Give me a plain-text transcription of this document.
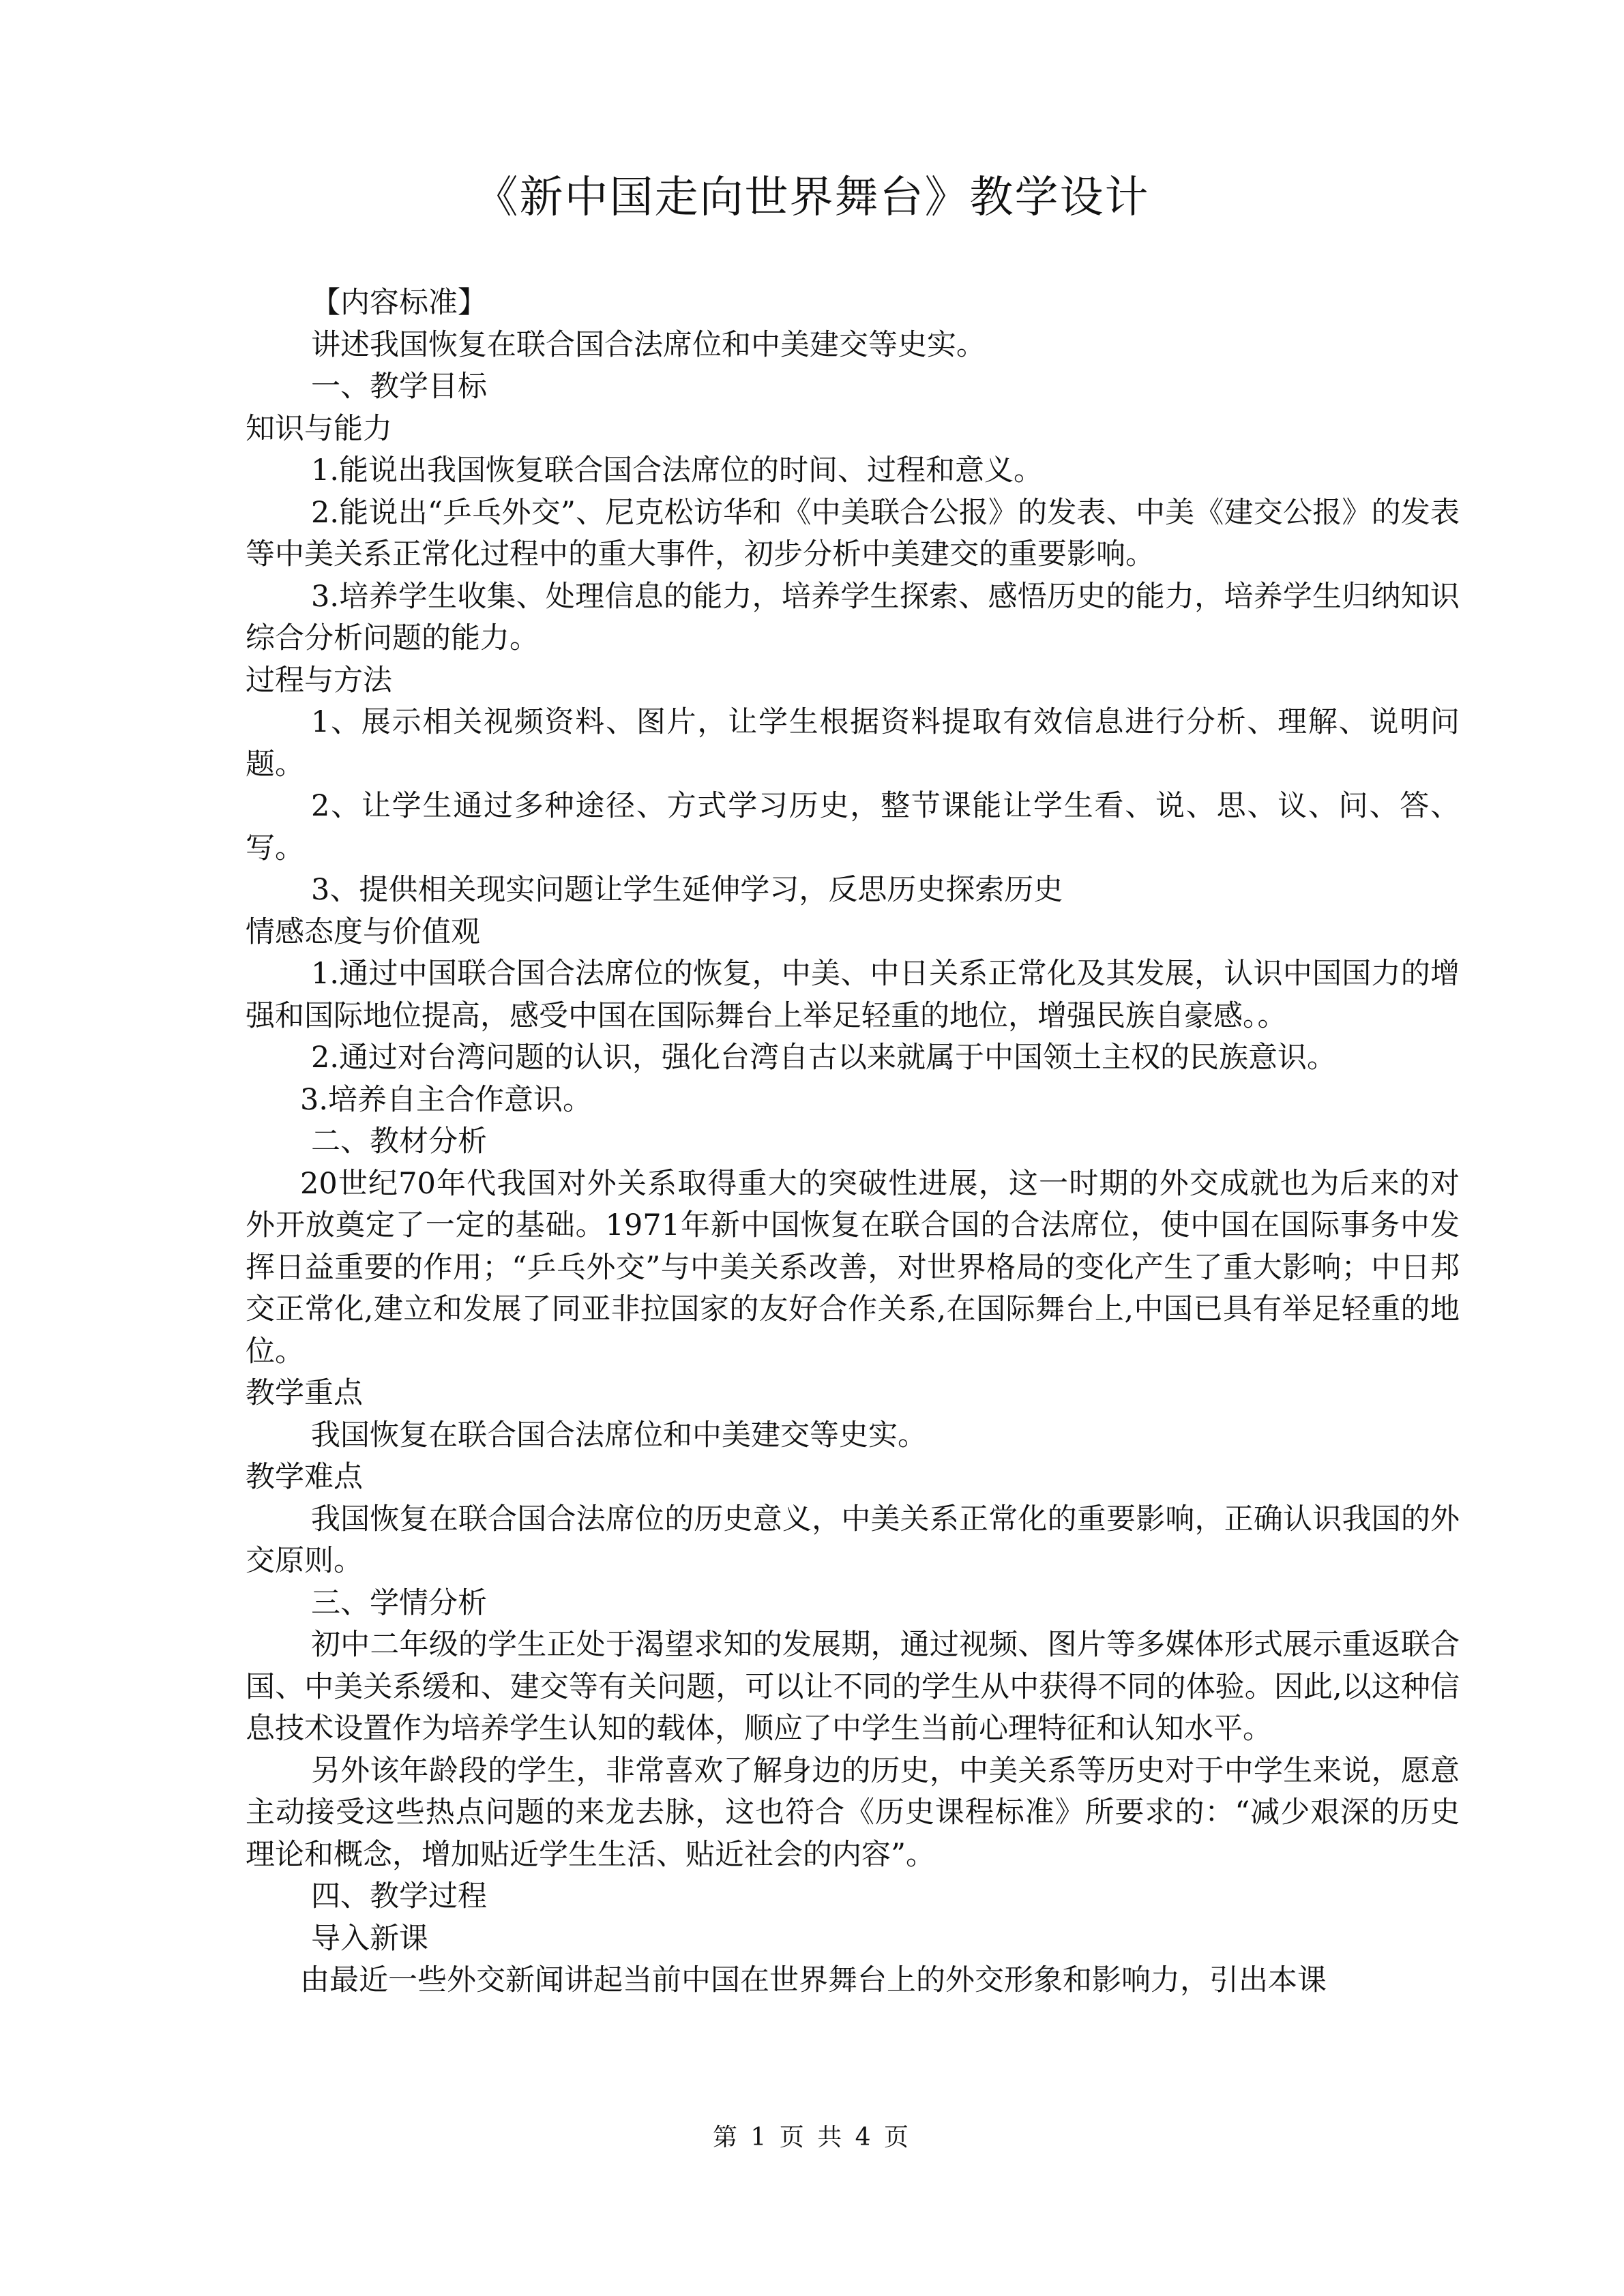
《新中国走向世界舞台》教学设计

【内容标准】

讲述我国恢复在联合国合法席位和中美建交等史实。

一、教学目标

知识与能力

1.能说出我国恢复联合国合法席位的时间、过程和意义。

2.能说出“乒乓外交”、尼克松访华和《中美联合公报》的发表、中美《建交公报》的发表等中美关系正常化过程中的重大事件，初步分析中美建交的重要影响。

3.培养学生收集、处理信息的能力，培养学生探索、感悟历史的能力，培养学生归纳知识综合分析问题的能力。

过程与方法

1、展示相关视频资料、图片，让学生根据资料提取有效信息进行分析、理解、说明问题。

2、让学生通过多种途径、方式学习历史，整节课能让学生看、说、思、议、问、答、写。

3、提供相关现实问题让学生延伸学习，反思历史探索历史

情感态度与价值观

1.通过中国联合国合法席位的恢复，中美、中日关系正常化及其发展，认识中国国力的增强和国际地位提高，感受中国在国际舞台上举足轻重的地位，增强民族自豪感。。

2.通过对台湾问题的认识，强化台湾自古以来就属于中国领土主权的民族意识。

3.培养自主合作意识。

二、教材分析

20世纪70年代我国对外关系取得重大的突破性进展，这一时期的外交成就也为后来的对外开放奠定了一定的基础。1971年新中国恢复在联合国的合法席位，使中国在国际事务中发挥日益重要的作用；“乒乓外交”与中美关系改善，对世界格局的变化产生了重大影响；中日邦交正常化,建立和发展了同亚非拉国家的友好合作关系,在国际舞台上,中国已具有举足轻重的地位。

教学重点

我国恢复在联合国合法席位和中美建交等史实。

教学难点

我国恢复在联合国合法席位的历史意义，中美关系正常化的重要影响，正确认识我国的外交原则。

三、学情分析

初中二年级的学生正处于渴望求知的发展期，通过视频、图片等多媒体形式展示重返联合国、中美关系缓和、建交等有关问题，可以让不同的学生从中获得不同的体验。因此,以这种信息技术设置作为培养学生认知的载体，顺应了中学生当前心理特征和认知水平。

另外该年龄段的学生，非常喜欢了解身边的历史，中美关系等历史对于中学生来说，愿意主动接受这些热点问题的来龙去脉，这也符合《历史课程标准》所要求的：“减少艰深的历史理论和概念，增加贴近学生生活、贴近社会的内容”。

四、教学过程

导入新课

由最近一些外交新闻讲起当前中国在世界舞台上的外交形象和影响力，引出本课

第 1 页 共 4 页
